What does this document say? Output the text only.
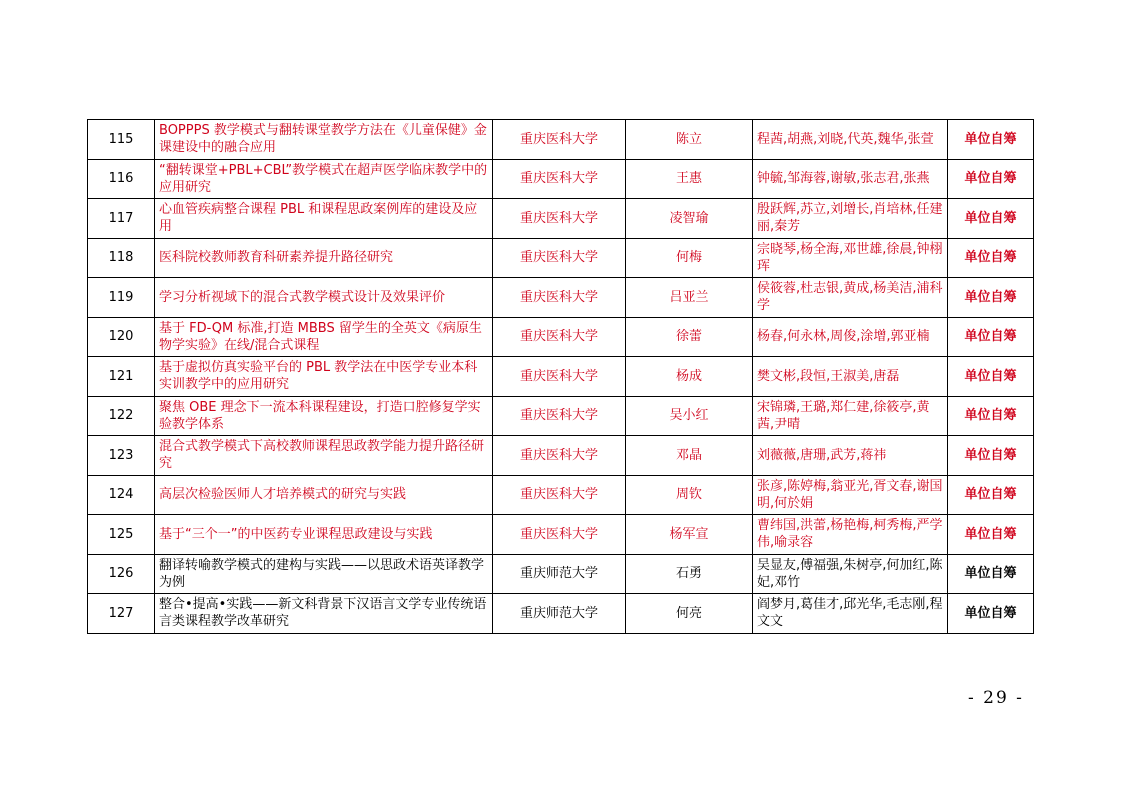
115	BOPPPS 教学模式与翻转课堂教学方法在《儿童保健》金课建设中的融合应用	重庆医科大学	陈立	程茜,胡燕,刘晓,代英,魏华,张萱	单位自筹
116	“翻转课堂+PBL+CBL”教学模式在超声医学临床教学中的应用研究	重庆医科大学	王惠	钟毓,邹海蓉,谢敏,张志君,张燕	单位自筹
117	心血管疾病整合课程 PBL 和课程思政案例库的建设及应用	重庆医科大学	凌智瑜	殷跃辉,苏立,刘增长,肖培林,任建丽,秦芳	单位自筹
118	医科院校教师教育科研素养提升路径研究	重庆医科大学	何梅	宗晓琴,杨全海,邓世雄,徐晨,钟栩珲	单位自筹
119	学习分析视域下的混合式教学模式设计及效果评价	重庆医科大学	吕亚兰	侯筱蓉,杜志银,黄成,杨美洁,浦科学	单位自筹
120	基于 FD-QM 标准,打造 MBBS 留学生的全英文《病原生物学实验》在线/混合式课程	重庆医科大学	徐蕾	杨春,何永林,周俊,涂增,郭亚楠	单位自筹
121	基于虚拟仿真实验平台的 PBL 教学法在中医学专业本科实训教学中的应用研究	重庆医科大学	杨成	樊文彬,段恒,王淑美,唐磊	单位自筹
122	聚焦 OBE 理念下一流本科课程建设，打造口腔修复学实验教学体系	重庆医科大学	吴小红	宋锦璘,王璐,郑仁建,徐筱亭,黄茜,尹晴	单位自筹
123	混合式教学模式下高校教师课程思政教学能力提升路径研究	重庆医科大学	邓晶	刘薇薇,唐珊,武芳,蒋祎	单位自筹
124	高层次检验医师人才培养模式的研究与实践	重庆医科大学	周钦	张彦,陈婷梅,翁亚光,胥文春,谢国明,何於娟	单位自筹
125	基于“三个一”的中医药专业课程思政建设与实践	重庆医科大学	杨军宣	曹纬国,洪蕾,杨艳梅,柯秀梅,严学伟,喻录容	单位自筹
126	翻译转喻教学模式的建构与实践——以思政术语英译教学为例	重庆师范大学	石勇	吴显友,傅福强,朱树亭,何加红,陈妃,邓竹	单位自筹
127	整合•提高•实践——新文科背景下汉语言文学专业传统语言类课程教学改革研究	重庆师范大学	何亮	阎梦月,葛佳才,邱光华,毛志刚,程文文	单位自筹
- 29 -
